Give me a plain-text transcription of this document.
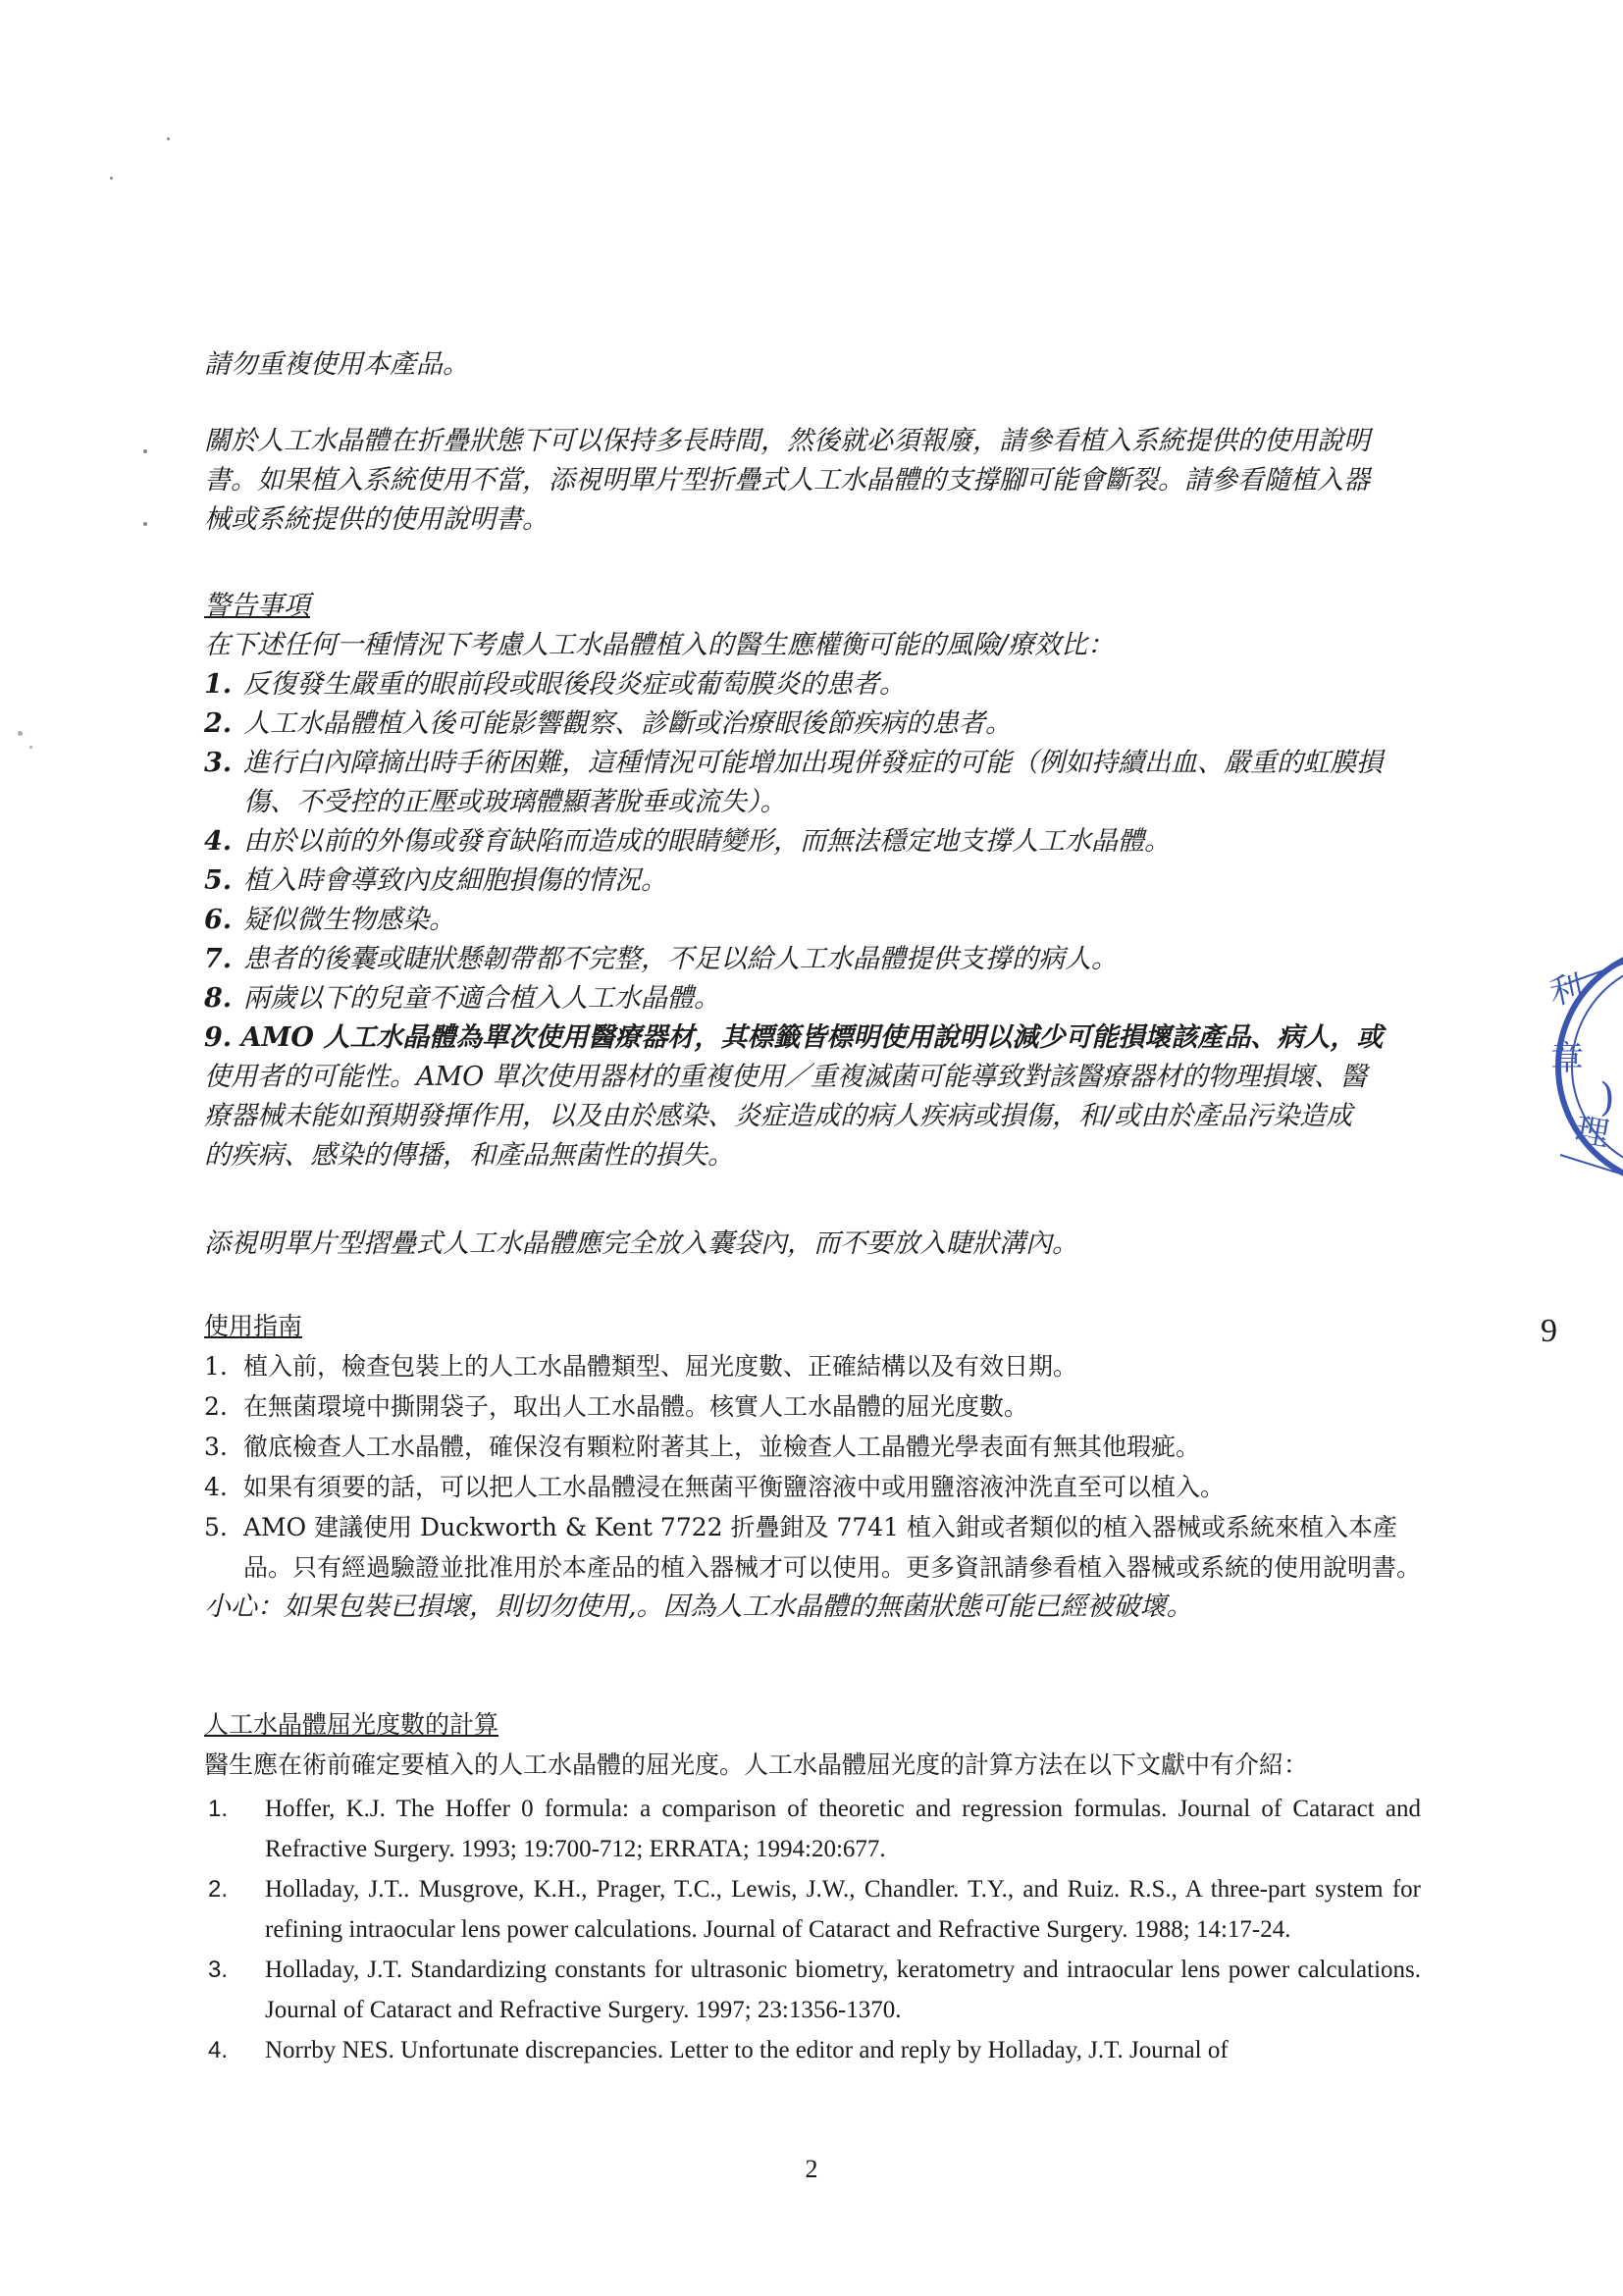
請勿重複使用本產品。

關於人工水晶體在折疊狀態下可以保持多長時間，然後就必須報廢，請參看植入系統提供的使用說明

書。如果植入系統使用不當，添視明單片型折疊式人工水晶體的支撐腳可能會斷裂。請參看隨植入器

械或系統提供的使用說明書。

警告事項

在下述任何一種情況下考慮人工水晶體植入的醫生應權衡可能的風險/療效比：

1. 反復發生嚴重的眼前段或眼後段炎症或葡萄膜炎的患者。
2. 人工水晶體植入後可能影響觀察、診斷或治療眼後節疾病的患者。
3. 進行白內障摘出時手術困難，這種情況可能增加出現併發症的可能（例如持續出血、嚴重的虹膜損
傷、不受控的正壓或玻璃體顯著脫垂或流失）。
4. 由於以前的外傷或發育缺陷而造成的眼睛變形，而無法穩定地支撐人工水晶體。
5. 植入時會導致內皮細胞損傷的情況。
6. 疑似微生物感染。
7. 患者的後囊或睫狀懸韌帶都不完整，不足以給人工水晶體提供支撐的病人。
8. 兩歲以下的兒童不適合植入人工水晶體。

9. AMO 人工水晶體為單次使用醫療器材，其標籤皆標明使用說明以減少可能損壞該產品、病人，或

使用者的可能性。AMO 單次使用器材的重複使用／重複滅菌可能導致對該醫療器材的物理損壞、醫

療器械未能如預期發揮作用，以及由於感染、炎症造成的病人疾病或損傷，和/或由於產品污染造成

的疾病、感染的傳播，和產品無菌性的損失。

添視明單片型摺疊式人工水晶體應完全放入囊袋內，而不要放入睫狀溝內。

使用指南

1. 植入前，檢查包裝上的人工水晶體類型、屈光度數、正確結構以及有效日期。
2. 在無菌環境中撕開袋子，取出人工水晶體。核實人工水晶體的屈光度數。
3. 徹底檢查人工水晶體，確保沒有顆粒附著其上，並檢查人工晶體光學表面有無其他瑕疵。
4. 如果有須要的話，可以把人工水晶體浸在無菌平衡鹽溶液中或用鹽溶液沖洗直至可以植入。
5. AMO 建議使用 Duckworth & Kent 7722 折疊鉗及 7741 植入鉗或者類似的植入器械或系統來植入本產品。只有經過驗證並批准用於本產品的植入器械才可以使用。更多資訊請參看植入器械或系統的使用說明書。

小心：如果包裝已損壞，則切勿使用,。因為人工水晶體的無菌狀態可能已經被破壞。

人工水晶體屈光度數的計算

醫生應在術前確定要植入的人工水晶體的屈光度。人工水晶體屈光度的計算方法在以下文獻中有介紹：

1. Hoffer, K.J. The Hoffer 0 formula: a comparison of theoretic and regression formulas. Journal of Cataract and Refractive Surgery. 1993; 19:700-712; ERRATA; 1994:20:677.
2. Holladay, J.T.. Musgrove, K.H., Prager, T.C., Lewis, J.W., Chandler. T.Y., and Ruiz. R.S., A three-part system for refining intraocular lens power calculations. Journal of Cataract and Refractive Surgery. 1988; 14:17-24.
3. Holladay, J.T. Standardizing constants for ultrasonic biometry, keratometry and intraocular lens power calculations. Journal of Cataract and Refractive Surgery. 1997; 23:1356-1370.
4. Norrby NES. Unfortunate discrepancies. Letter to the editor and reply by Holladay, J.T. Journal of
9
2
利
章
理
)
